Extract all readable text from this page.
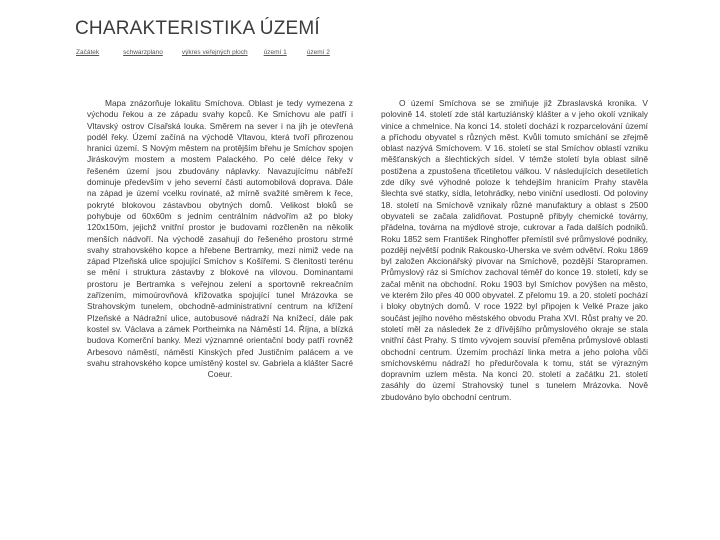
CHARAKTERISTIKA ÚZEMÍ
Začátek	schwarzplano	výkres veřejných ploch území 1	území 2

Mapa znázorňuje lokalitu Smíchova. Oblast je tedy vymezena z východu řekou a ze západu svahy kopců. Ke Smíchovu ale patří i Vltavský ostrov Císařská louka. Směrem na sever i na jih je otevřená podél řeky. Území začíná na východě Vltavou, která tvoří přirozenou hranici území. S Novým městem na protějším břehu je Smíchov spojen Jiráskovým mostem a mostem Palackého. Po celé délce řeky v řešeném území jsou zbudovány náplavky. Navazujícímu nábřeží dominuje především v jeho severní části automobilová doprava. Dále na západ je území vcelku rovinaté, až mírně svažité směrem k řece, pokryté blokovou zástavbou obytných domů. Velikost bloků se pohybuje od 60x60m s jedním centrálním nádvořím až po bloky 120x150m, jejichž vnitřní prostor je budovami rozčleněn na několik menších nádvoří. Na východě zasahují do řešeného prostoru strmé svahy strahovského kopce a hřebene Bertramky, mezi nimiž vede na západ Plzeňská ulice spojující Smíchov s Košířemi. S členitostí terénu se mění i struktura zástavby z blokové na vilovou. Dominantami prostoru je Bertramka s veřejnou zelení a sportovně rekreačním zařízením, mimoúrovňová křižovatka spojující tunel Mrázovka se Strahovským tunelem, obchodně-administrativní centrum na křížení Plzeňské a Nádražní ulice, autobusové nádraží Na knížecí, dále pak kostel sv. Václava a zámek Portheimka na Náměstí 14. Října, a blízká budova Komerční banky. Mezi významné orientační body patří rovněž Arbesovo náměstí, náměstí Kinských před Justičním palácem a ve svahu strahovského kopce umístěný kostel sv. Gabriela a klášter Sacré Coeur.

O území Smíchova se se zmiňuje již Zbraslavská kronika. V polovině 14. století zde stál kartuziánský klášter a v jeho okolí vznikaly vinice a chmelnice. Na konci 14. století dochází k rozparcelování území a příchodu obyvatel s různých měst. Kvůli tomuto smíchání se zřejmě oblast nazývá Smíchovem. V 16. století se stal Smíchov oblastí vzniku měšťanských a šlechtických sídel. V témže století byla oblast silně postižena a zpustošena třicetiletou válkou. V následujících desetiletích zde díky své výhodné poloze k tehdejším hranicím Prahy stavěla šlechta své statky, sídla, letohrádky, nebo viniční usedlosti. Od poloviny 18. století na Smíchově vznikaly různé manufaktury a oblast s 2500 obyvateli se začala zalidňovat. Postupně přibyly chemické továrny, přádelna, továrna na mýdlové stroje, cukrovar a řada dalších podniků. Roku 1852 sem František Ringhoffer přemístil své průmyslové podniky, později největší podnik Rakousko-Uherska ve svém odvětví. Roku 1869 byl založen Akcionářský pivovar na Smíchově, pozdější Staropramen. Průmyslový ráz si Smíchov zachoval téměř do konce 19. století, kdy se začal měnit na obchodní. Roku 1903 byl Smíchov povýšen na město, ve kterém žilo přes 40 000 obyvatel. Z přelomu 19. a 20. století pochází i bloky obytných domů. V roce 1922 byl připojen k Velké Praze jako součást jejího nového městského obvodu Praha XVI. Růst prahy ve 20. století měl za následek že z dřívějšího průmyslového okraje se stala vnitřní část Prahy. S tímto vývojem souvisí přeměna průmyslové oblasti obchodní centrum. Územím prochází linka metra a jeho poloha vůči smíchovskému nádraží ho předurčovala k tomu, stát se výrazným dopravním uzlem města. Na konci 20. století a začátku 21. století zasáhly do území Strahovský tunel s tunelem Mrázovka. Nově zbudováno bylo obchodní centrum.
